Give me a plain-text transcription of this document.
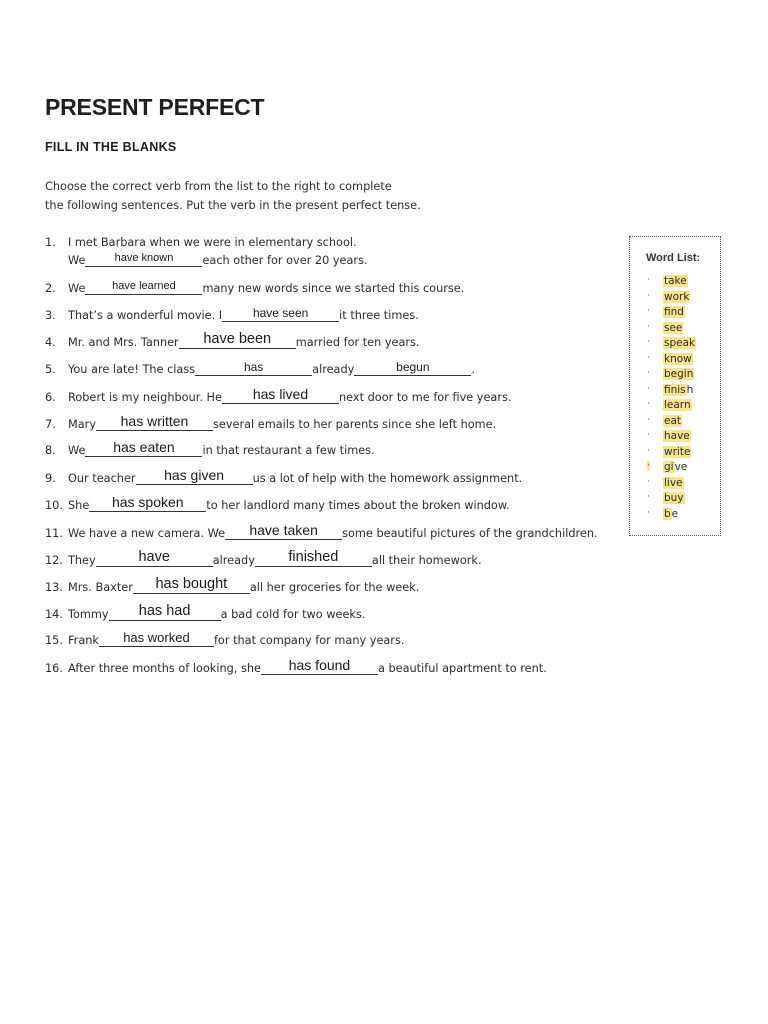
PRESENT PERFECT
FILL IN THE BLANKS
Choose the correct verb from the list to the right to complete
the following sentences. Put the verb in the present perfect tense.
1. I met Barbara when we were in elementary school.
We	have known	each other for over 20 years.
2. We	have learned	many new words since we started this course.
3. That’s a wonderful movie. I	have seen	it three times.
4. Mr. and Mrs. Tanner	have been	married for ten years.
5. You are late! The class	has	already	begun	.
6. Robert is my neighbour. He	has lived	next door to me for five years.
7. Mary	has written	several emails to her parents since she left home.
8. We	has eaten	in that restaurant a few times.
9. Our teacher	has given	us a lot of help with the homework assignment.
10. She	has spoken	to her landlord many times about the broken window.
11. We have a new camera. We	have taken	some beautiful pictures of the grandchildren.
12. They	have	already	finished	all their homework.
13. Mrs. Baxter	has bought	all her groceries for the week.
14. Tommy	has had	a bad cold for two weeks.
15. Frank	has worked	for that company for many years.
16. After three months of looking, she	has found	a beautiful apartment to rent.
Word List:
· take
· work
· find
· see
· speak
· know
· begin
· finish
· learn
· eat
· have
· write
· give
· live
· buy
· be
